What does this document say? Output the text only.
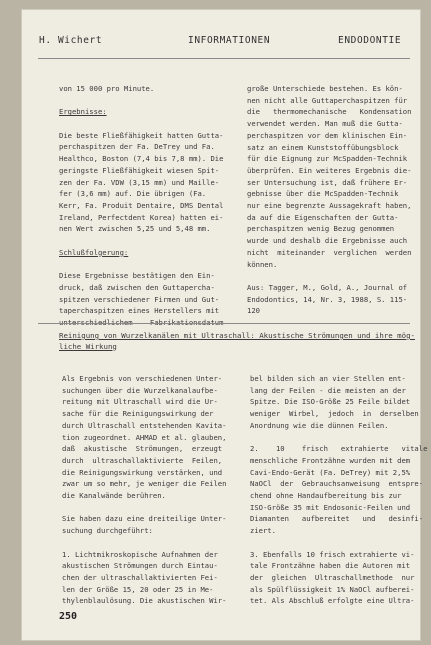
H. Wichert	INFORMATIONEN	ENDODONTIE
von 15 000 pro Minute.
Ergebnisse:
Die beste Fließfähigkeit hatten Gutta-
perchaspitzen der Fa. DeTrey und Fa.
Healthco, Boston (7,4 bis 7,8 mm). Die
geringste Fließfähigkeit wiesen Spit-
zen der Fa. VDW (3,15 mm) und Maille-
fer (3,6 mm) auf. Die übrigen (Fa.
Kerr, Fa. Produit Dentaire, DMS Dental
Ireland, Perfectdent Korea) hatten ei-
nen Wert zwischen 5,25 und 5,48 mm.
Schlußfolgerung:
Diese Ergebnisse bestätigen den Ein-
druck, daß zwischen den Guttapercha-
spitzen verschiedener Firmen und Gut-
taperchaspitzen eines Herstellers mit
große Unterschiede bestehen. Es kön-
nen nicht alle Guttaperchaspitzen für
die   thermomechanische   Kondensation
verwendet werden. Man muß die Gutta-
perchaspitzen vor dem klinischen Ein-
satz an einem Kunststoffübungsblock
für die Eignung zur McSpadden-Technik
überprüfen. Ein weiteres Ergebnis die-
ser Untersuchung ist, daß frühere Er-
gebnisse über die McSpadden-Technik
nur eine begrenzte Aussagekraft haben,
da auf die Eigenschaften der Gutta-
perchaspitzen wenig Bezug genommen
wurde und deshalb die Ergebnisse auch
nicht  miteinander  verglichen  werden
können.
Aus: Tagger, M., Gold, A., Journal of
Endodontics, 14, Nr. 3, 1988, S. 115-
120
Reinigung von Wurzelkanälen mit Ultraschall: Akustische Strömungen und ihre mög-
liche Wirkung
Als Ergebnis von verschiedenen Unter-
suchungen über die Wurzelkanalaufbe-
reitung mit Ultraschall wird die Ur-
sache für die Reinigungswirkung der
durch Ultraschall entstehenden Kavita-
tion zugeordnet. AHMAD et al. glauben,
daß  akustische  Strömungen,  erzeugt
durch  ultraschallaktivierte  Feilen,
die Reinigungswirkung verstärken, und
zwar um so mehr, je weniger die Feilen
die Kanalwände berühren.
Sie haben dazu eine dreiteilige Unter-
suchung durchgeführt:
1. Lichtmikroskopische Aufnahmen der
akustischen Strömungen durch Eintau-
chen der ultraschallaktivierten Fei-
len der Größe 15, 20 oder 25 in Me-
thylenblaulösung. Die akustischen Wir-
bel bilden sich an vier Stellen ent-
lang der Feilen - die meisten an der
Spitze. Die ISO-Größe 25 Feile bildet
weniger  Wirbel,  jedoch  in  derselben
Anordnung wie die dünnen Feilen.
2.    10    frisch   extrahierte   vitale
menschliche Frontzähne wurden mit dem
Cavi-Endo-Gerät (Fa. DeTrey) mit 2,5%
NaOCl  der  Gebrauchsanweisung  entspre-
chend ohne Handaufbereitung bis zur
ISO-Größe 35 mit Endosonic-Feilen und
Diamanten   aufbereitet   und   desinfi-
ziert.
3. Ebenfalls 10 frisch extrahierte vi-
tale Frontzähne haben die Autoren mit
der  gleichen  Ultraschallmethode  nur
als Spülflüssigkeit 1% NaOCl aufberei-
tet. Als Abschluß erfolgte eine Ultra-
250
